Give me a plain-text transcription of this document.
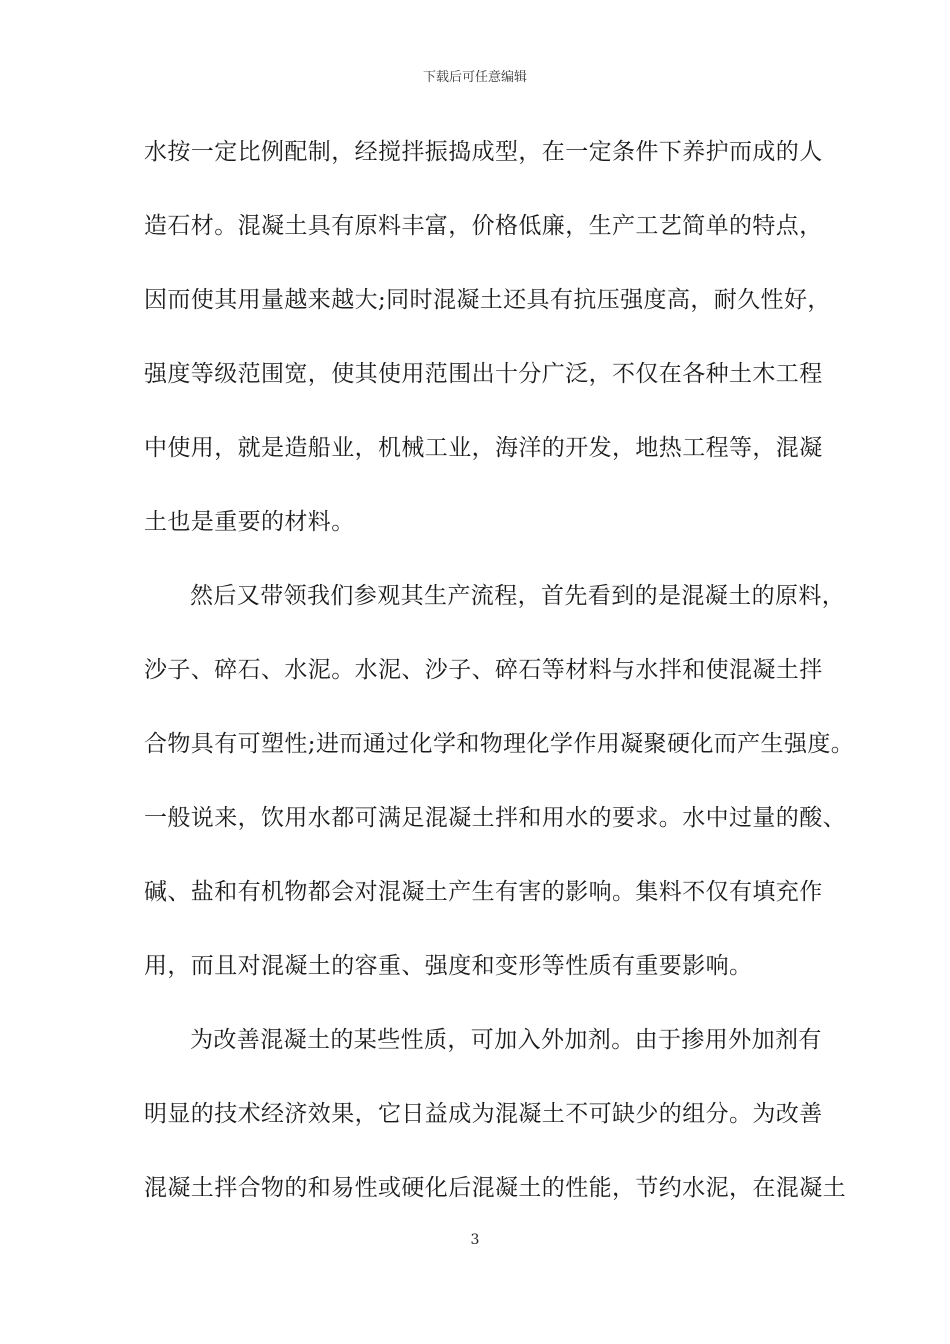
下载后可任意编辑
水按一定比例配制，经搅拌振捣成型，在一定条件下养护而成的人
造石材。混凝土具有原料丰富，价格低廉，生产工艺简单的特点，
因而使其用量越来越大;同时混凝土还具有抗压强度高，耐久性好，
强度等级范围宽，使其使用范围出十分广泛，不仅在各种土木工程
中使用，就是造船业，机械工业，海洋的开发，地热工程等，混凝
土也是重要的材料。
然后又带领我们参观其生产流程，首先看到的是混凝土的原料，
沙子、碎石、水泥。水泥、沙子、碎石等材料与水拌和使混凝土拌
合物具有可塑性;进而通过化学和物理化学作用凝聚硬化而产生强度。
一般说来，饮用水都可满足混凝土拌和用水的要求。水中过量的酸、
碱、盐和有机物都会对混凝土产生有害的影响。集料不仅有填充作
用，而且对混凝土的容重、强度和变形等性质有重要影响。
为改善混凝土的某些性质，可加入外加剂。由于掺用外加剂有
明显的技术经济效果，它日益成为混凝土不可缺少的组分。为改善
混凝土拌合物的和易性或硬化后混凝土的性能，节约水泥，在混凝土
3
